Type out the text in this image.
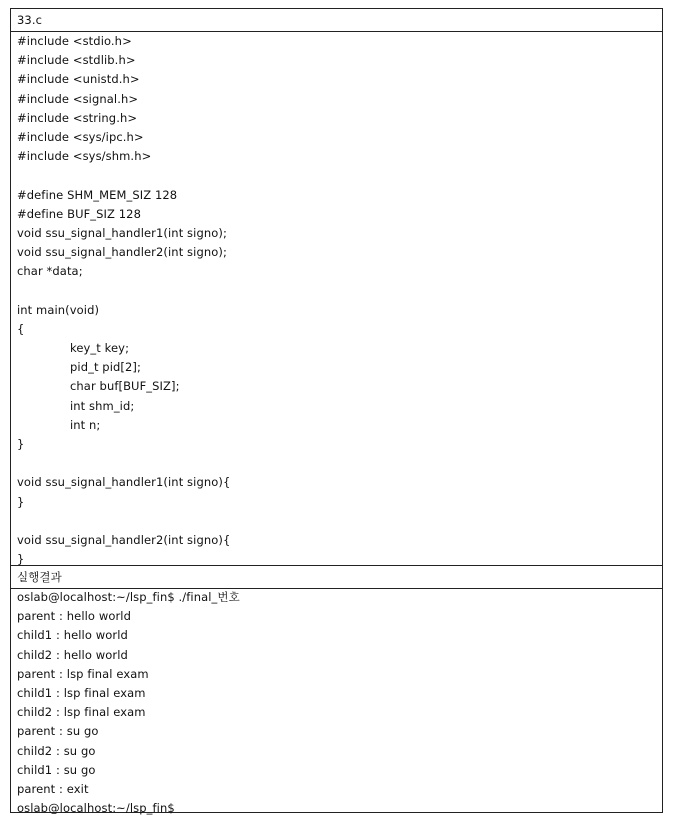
33.c
#include <stdio.h>
#include <stdlib.h>
#include <unistd.h>
#include <signal.h>
#include <string.h>
#include <sys/ipc.h>
#include <sys/shm.h>
#define SHM_MEM_SIZ 128
#define BUF_SIZ 128
void ssu_signal_handler1(int signo);
void ssu_signal_handler2(int signo);
char *data;
int main(void)
{
key_t key;
pid_t pid[2];
char buf[BUF_SIZ];
int shm_id;
int n;
}
void ssu_signal_handler1(int signo){
}
void ssu_signal_handler2(int signo){
}
실행결과
oslab@localhost:~/lsp_fin$ ./final_번호
parent : hello world
child1 : hello world
child2 : hello world
parent : lsp final exam
child1 : lsp final exam
child2 : lsp final exam
parent : su go
child2 : su go
child1 : su go
parent : exit
oslab@localhost:~/lsp_fin$
